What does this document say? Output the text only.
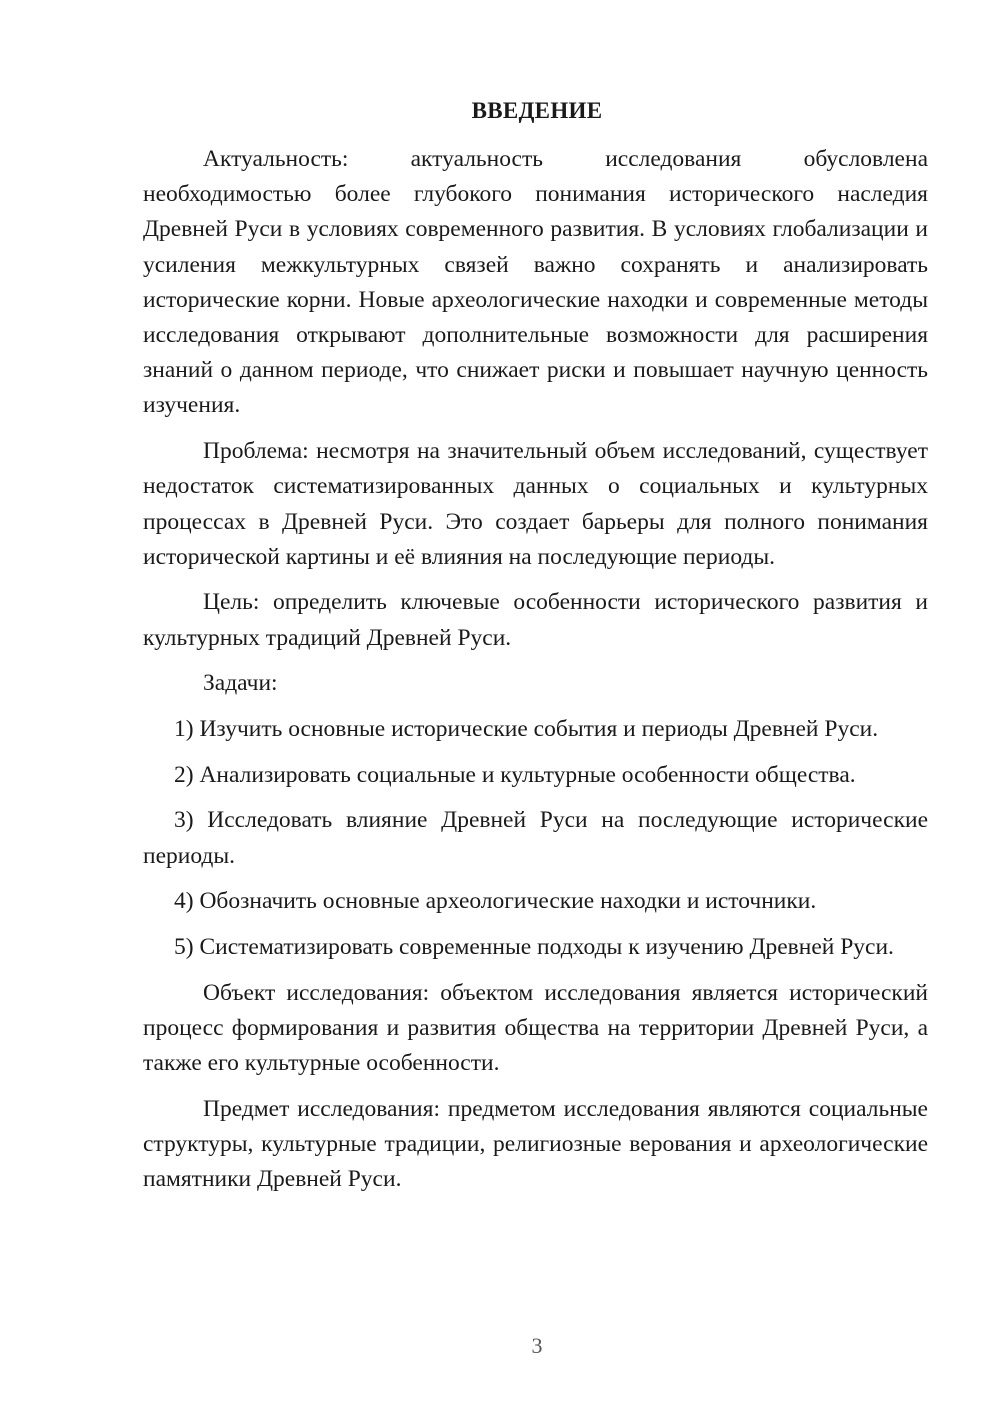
ВВЕДЕНИЕ

Актуальность: актуальность исследования обусловлена необходимостью более глубокого понимания исторического наследия Древней Руси в условиях современного развития. В условиях глобализации и усиления межкультурных связей важно сохранять и анализировать исторические корни. Новые археологические находки и современные методы исследования открывают дополнительные возможности для расширения знаний о данном периоде, что снижает риски и повышает научную ценность изучения.

Проблема: несмотря на значительный объем исследований, существует недостаток систематизированных данных о социальных и культурных процессах в Древней Руси. Это создает барьеры для полного понимания исторической картины и её влияния на последующие периоды.

Цель: определить ключевые особенности исторического развития и культурных традиций Древней Руси.

Задачи:

1) Изучить основные исторические события и периоды Древней Руси.

2) Анализировать социальные и культурные особенности общества.

3) Исследовать влияние Древней Руси на последующие исторические периоды.

4) Обозначить основные археологические находки и источники.

5) Систематизировать современные подходы к изучению Древней Руси.

Объект исследования: объектом исследования является исторический процесс формирования и развития общества на территории Древней Руси, а также его культурные особенности.

Предмет исследования: предметом исследования являются социальные структуры, культурные традиции, религиозные верования и археологические памятники Древней Руси.

3
